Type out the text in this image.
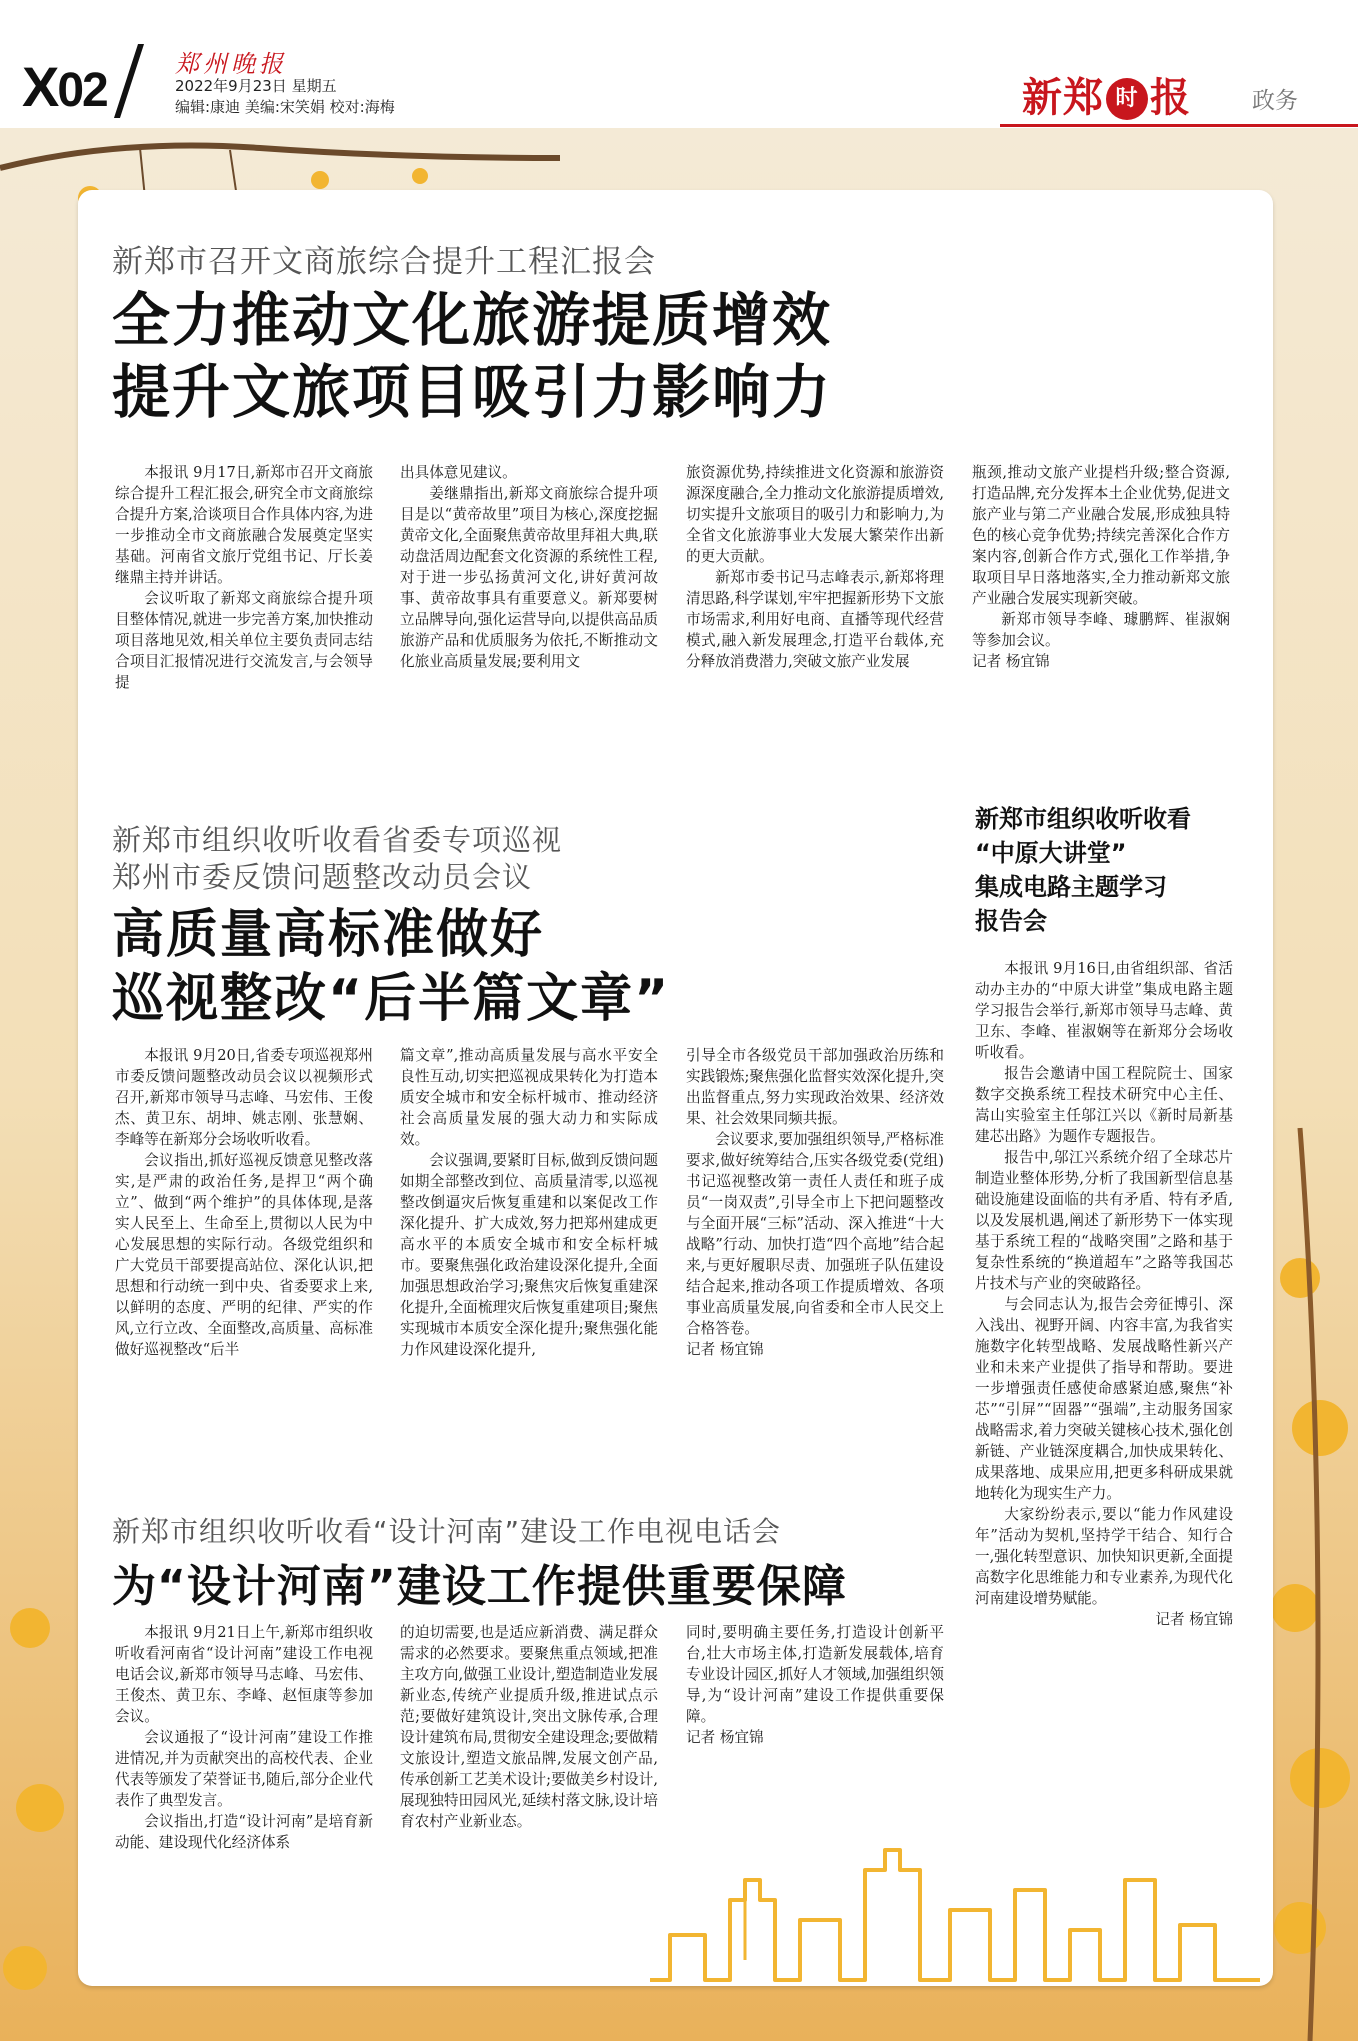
X02	郑州晚报
2022年9月23日 星期五
编辑:康迪 美编:宋笑娟 校对:海梅	新郑 时 报	政务
新郑市召开文商旅综合提升工程汇报会
全力推动文化旅游提质增效
提升文旅项目吸引力影响力

本报讯 9月17日,新郑市召开文商旅综合提升工程汇报会,研究全市文商旅综合提升方案,洽谈项目合作具体内容,为进一步推动全市文商旅融合发展奠定坚实基础。河南省文旅厅党组书记、厅长姜继鼎主持并讲话。

会议听取了新郑文商旅综合提升项目整体情况,就进一步完善方案,加快推动项目落地见效,相关单位主要负责同志结合项目汇报情况进行交流发言,与会领导提

出具体意见建议。

姜继鼎指出,新郑文商旅综合提升项目是以“黄帝故里”项目为核心,深度挖掘黄帝文化,全面聚焦黄帝故里拜祖大典,联动盘活周边配套文化资源的系统性工程,对于进一步弘扬黄河文化,讲好黄河故事、黄帝故事具有重要意义。新郑要树立品牌导向,强化运营导向,以提供高品质旅游产品和优质服务为依托,不断推动文化旅业高质量发展;要利用文

旅资源优势,持续推进文化资源和旅游资源深度融合,全力推动文化旅游提质增效,切实提升文旅项目的吸引力和影响力,为全省文化旅游事业大发展大繁荣作出新的更大贡献。

新郑市委书记马志峰表示,新郑将理清思路,科学谋划,牢牢把握新形势下文旅市场需求,利用好电商、直播等现代经营模式,融入新发展理念,打造平台载体,充分释放消费潜力,突破文旅产业发展

瓶颈,推动文旅产业提档升级;整合资源,打造品牌,充分发挥本土企业优势,促进文旅产业与第二产业融合发展,形成独具特色的核心竞争优势;持续完善深化合作方案内容,创新合作方式,强化工作举措,争取项目早日落地落实,全力推动新郑文旅产业融合发展实现新突破。

新郑市领导李峰、璩鹏辉、崔淑娴等参加会议。

记者 杨宜锦

新郑市组织收听收看省委专项巡视
郑州市委反馈问题整改动员会议
高质量高标准做好
巡视整改“后半篇文章”

本报讯 9月20日,省委专项巡视郑州市委反馈问题整改动员会议以视频形式召开,新郑市领导马志峰、马宏伟、王俊杰、黄卫东、胡坤、姚志刚、张慧娴、李峰等在新郑分会场收听收看。

会议指出,抓好巡视反馈意见整改落实,是严肃的政治任务,是捍卫“两个确立”、做到“两个维护”的具体体现,是落实人民至上、生命至上,贯彻以人民为中心发展思想的实际行动。各级党组织和广大党员干部要提高站位、深化认识,把思想和行动统一到中央、省委要求上来,以鲜明的态度、严明的纪律、严实的作风,立行立改、全面整改,高质量、高标准做好巡视整改“后半

篇文章”,推动高质量发展与高水平安全良性互动,切实把巡视成果转化为打造本质安全城市和安全标杆城市、推动经济社会高质量发展的强大动力和实际成效。

会议强调,要紧盯目标,做到反馈问题如期全部整改到位、高质量清零,以巡视整改倒逼灾后恢复重建和以案促改工作深化提升、扩大成效,努力把郑州建成更高水平的本质安全城市和安全标杆城市。要聚焦强化政治建设深化提升,全面加强思想政治学习;聚焦灾后恢复重建深化提升,全面梳理灾后恢复重建项目;聚焦实现城市本质安全深化提升;聚焦强化能力作风建设深化提升,

引导全市各级党员干部加强政治历练和实践锻炼;聚焦强化监督实效深化提升,突出监督重点,努力实现政治效果、经济效果、社会效果同频共振。

会议要求,要加强组织领导,严格标准要求,做好统筹结合,压实各级党委(党组)书记巡视整改第一责任人责任和班子成员“一岗双责”,引导全市上下把问题整改与全面开展“三标”活动、深入推进“十大战略”行动、加快打造“四个高地”结合起来,与更好履职尽责、加强班子队伍建设结合起来,推动各项工作提质增效、各项事业高质量发展,向省委和全市人民交上合格答卷。

记者 杨宜锦

新郑市组织收听收看
“中原大讲堂”
集成电路主题学习
报告会

本报讯 9月16日,由省组织部、省活动办主办的“中原大讲堂”集成电路主题学习报告会举行,新郑市领导马志峰、黄卫东、李峰、崔淑娴等在新郑分会场收听收看。

报告会邀请中国工程院院士、国家数字交换系统工程技术研究中心主任、嵩山实验室主任邬江兴以《新时局新基建芯出路》为题作专题报告。

报告中,邬江兴系统介绍了全球芯片制造业整体形势,分析了我国新型信息基础设施建设面临的共有矛盾、特有矛盾,以及发展机遇,阐述了新形势下一体实现基于系统工程的“战略突围”之路和基于复杂性系统的“换道超车”之路等我国芯片技术与产业的突破路径。

与会同志认为,报告会旁征博引、深入浅出、视野开阔、内容丰富,为我省实施数字化转型战略、发展战略性新兴产业和未来产业提供了指导和帮助。要进一步增强责任感使命感紧迫感,聚焦“补芯”“引屏”“固器”“强端”,主动服务国家战略需求,着力突破关键核心技术,强化创新链、产业链深度耦合,加快成果转化、成果落地、成果应用,把更多科研成果就地转化为现实生产力。

大家纷纷表示,要以“能力作风建设年”活动为契机,坚持学干结合、知行合一,强化转型意识、加快知识更新,全面提高数字化思维能力和专业素养,为现代化河南建设增势赋能。

记者 杨宜锦

新郑市组织收听收看“设计河南”建设工作电视电话会
为“设计河南”建设工作提供重要保障

本报讯 9月21日上午,新郑市组织收听收看河南省“设计河南”建设工作电视电话会议,新郑市领导马志峰、马宏伟、王俊杰、黄卫东、李峰、赵恒康等参加会议。

会议通报了“设计河南”建设工作推进情况,并为贡献突出的高校代表、企业代表等颁发了荣誉证书,随后,部分企业代表作了典型发言。

会议指出,打造“设计河南”是培育新动能、建设现代化经济体系

的迫切需要,也是适应新消费、满足群众需求的必然要求。要聚焦重点领域,把准主攻方向,做强工业设计,塑造制造业发展新业态,传统产业提质升级,推进试点示范;要做好建筑设计,突出文脉传承,合理设计建筑布局,贯彻安全建设理念;要做精文旅设计,塑造文旅品牌,发展文创产品,传承创新工艺美术设计;要做美乡村设计,展现独特田园风光,延续村落文脉,设计培育农村产业新业态。

同时,要明确主要任务,打造设计创新平台,壮大市场主体,打造新发展载体,培育专业设计园区,抓好人才领域,加强组织领导,为“设计河南”建设工作提供重要保障。

记者 杨宜锦
